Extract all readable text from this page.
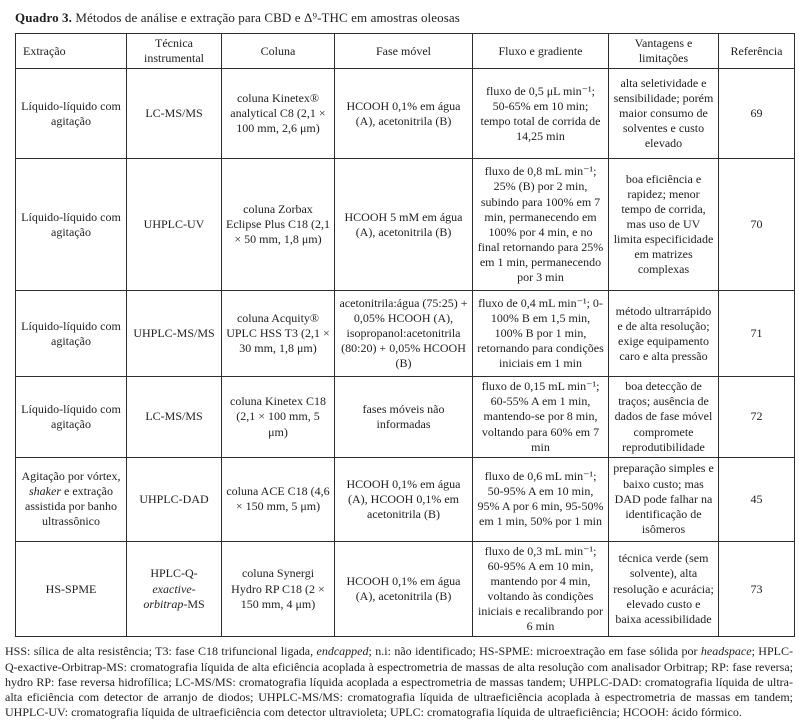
Quadro 3. Métodos de análise e extração para CBD e Δ⁹-THC em amostras oleosas
Extração	Técnica instrumental	Coluna	Fase móvel	Fluxo e gradiente	Vantagens e limitações	Referência
Líquido-líquido com agitação	LC-MS/MS	coluna Kinetex® analytical C8 (2,1 × 100 mm, 2,6 μm)	HCOOH 0,1% em água (A), acetonitrila (B)	fluxo de 0,5 μL min⁻¹; 50-65% em 10 min; tempo total de corrida de 14,25 min	alta seletividade e sensibilidade; porém maior consumo de solventes e custo elevado	69
Líquido-líquido com agitação	UHPLC-UV	coluna Zorbax Eclipse Plus C18 (2,1 × 50 mm, 1,8 μm)	HCOOH 5 mM em água (A), acetonitrila (B)	fluxo de 0,8 mL min⁻¹; 25% (B) por 2 min, subindo para 100% em 7 min, permanecendo em 100% por 4 min, e no final retornando para 25% em 1 min, permanecendo por 3 min	boa eficiência e rapidez; menor tempo de corrida, mas uso de UV limita especificidade em matrizes complexas	70
Líquido-líquido com agitação	UHPLC-MS/MS	coluna Acquity® UPLC HSS T3 (2,1 × 30 mm, 1,8 μm)	acetonitrila:água (75:25) + 0,05% HCOOH (A), isopropanol:acetonitrila (80:20) + 0,05% HCOOH (B)	fluxo de 0,4 mL min⁻¹; 0-100% B em 1,5 min, 100% B por 1 min, retornando para condições iniciais em 1 min	método ultrarrápido e de alta resolução; exige equipamento caro e alta pressão	71
Líquido-líquido com agitação	LC-MS/MS	coluna Kinetex C18 (2,1 × 100 mm, 5 μm)	fases móveis não informadas	fluxo de 0,15 mL min⁻¹; 60-55% A em 1 min, mantendo-se por 8 min, voltando para 60% em 7 min	boa detecção de traços; ausência de dados de fase móvel compromete reprodutibilidade	72
Agitação por vórtex, shaker e extração assistida por banho ultrassônico	UHPLC-DAD	coluna ACE C18 (4,6 × 150 mm, 5 μm)	HCOOH 0,1% em água (A), HCOOH 0,1% em acetonitrila (B)	fluxo de 0,6 mL min⁻¹; 50-95% A em 10 min, 95% A por 6 min, 95-50% em 1 min, 50% por 1 min	preparação simples e baixo custo; mas DAD pode falhar na identificação de isômeros	45
HS-SPME	HPLC-Q-exactive-orbitrap-MS	coluna Synergi Hydro RP C18 (2 × 150 mm, 4 μm)	HCOOH 0,1% em água (A), acetonitrila (B)	fluxo de 0,3 mL min⁻¹; 60-95% A em 10 min, mantendo por 4 min, voltando às condições iniciais e recalibrando por 6 min	técnica verde (sem solvente), alta resolução e acurácia; elevado custo e baixa acessibilidade	73
HSS: sílica de alta resistência; T3: fase C18 trifuncional ligada, endcapped; n.i: não identificado; HS-SPME: microextração em fase sólida por headspace; HPLC-Q-exactive-Orbitrap-MS: cromatografia líquida de alta eficiência acoplada à espectrometria de massas de alta resolução com analisador Orbitrap; RP: fase reversa; hydro RP: fase reversa hidrofílica; LC-MS/MS: cromatografia líquida acoplada a espectrometria de massas tandem; UHPLC-DAD: cromatografia líquida de ultra-alta eficiência com detector de arranjo de diodos; UHPLC-MS/MS: cromatografia líquida de ultraeficiência acoplada à espectrometria de massas em tandem; UHPLC-UV: cromatografia líquida de ultraeficiência com detector ultravioleta; UPLC: cromatografia líquida de ultraeficiência; HCOOH: ácido fórmico.
